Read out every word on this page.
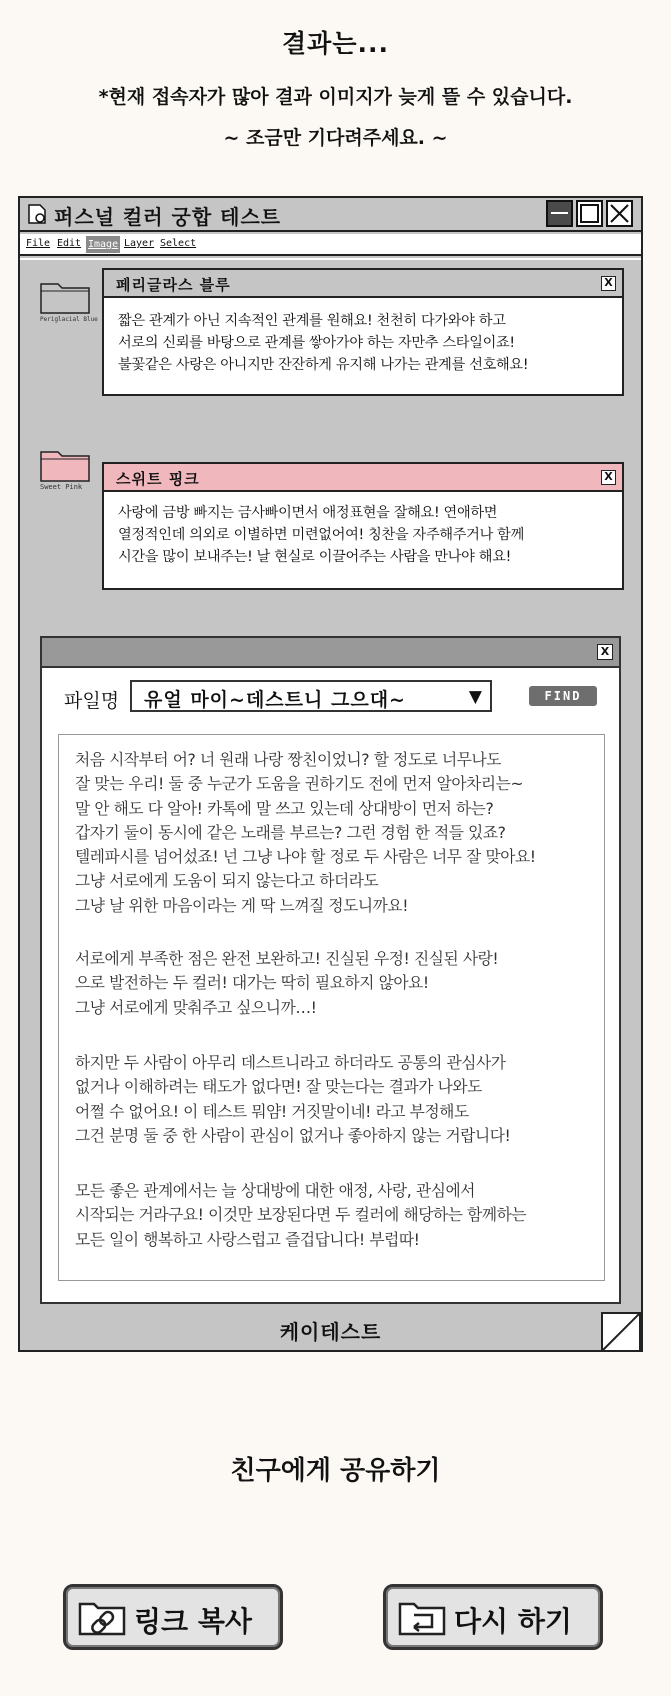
결과는...
*현재 접속자가 많아 결과 이미지가 늦게 뜰 수 있습니다.
~ 조금만 기다려주세요. ~
퍼스널 컬러 궁합 테스트
File Edit Image Layer Select
Periglacial Blue
페리글라스 블루	X
짧은 관계가 아닌 지속적인 관계를 원해요! 천천히 다가와야 하고
서로의 신뢰를 바탕으로 관계를 쌓아가야 하는 자만추 스타일이죠!
불꽃같은 사랑은 아니지만 잔잔하게 유지해 나가는 관계를 선호해요!
Sweet Pink 스위트 핑크	X
사랑에 금방 빠지는 금사빠이면서 애정표현을 잘해요! 연애하면
열정적인데 의외로 이별하면 미련없어여! 칭찬을 자주해주거나 함께
시간을 많이 보내주는! 날 현실로 이끌어주는 사람을 만나야 해요!
X
파일명 유얼 마이~데스트니 그으대~	▼	FIND
처음 시작부터 어? 너 원래 나랑 짱친이었니? 할 정도로 너무나도
잘 맞는 우리! 둘 중 누군가 도움을 권하기도 전에 먼저 알아차리는~
말 안 해도 다 알아! 카톡에 말 쓰고 있는데 상대방이 먼저 하는?
갑자기 둘이 동시에 같은 노래를 부르는? 그런 경험 한 적들 있죠?
텔레파시를 넘어섰죠! 넌 그냥 나야 할 정로 두 사람은 너무 잘 맞아요!
그냥 서로에게 도움이 되지 않는다고 하더라도
그냥 날 위한 마음이라는 게 딱 느껴질 정도니까요!
서로에게 부족한 점은 완전 보완하고! 진실된 우정! 진실된 사랑!
으로 발전하는 두 컬러! 대가는 딱히 필요하지 않아요!
그냥 서로에게 맞춰주고 싶으니까…!
하지만 두 사람이 아무리 데스트니라고 하더라도 공통의 관심사가
없거나 이해하려는 태도가 없다면! 잘 맞는다는 결과가 나와도
어쩔 수 없어요! 이 테스트 뭐얌! 거짓말이네! 라고 부정해도
그건 분명 둘 중 한 사람이 관심이 없거나 좋아하지 않는 거랍니다!
모든 좋은 관계에서는 늘 상대방에 대한 애정, 사랑, 관심에서
시작되는 거라구요! 이것만 보장된다면 두 컬러에 해당하는 함께하는
모든 일이 행복하고 사랑스럽고 즐겁답니다! 부럽따!
케이테스트
친구에게 공유하기
링크 복사	다시 하기
